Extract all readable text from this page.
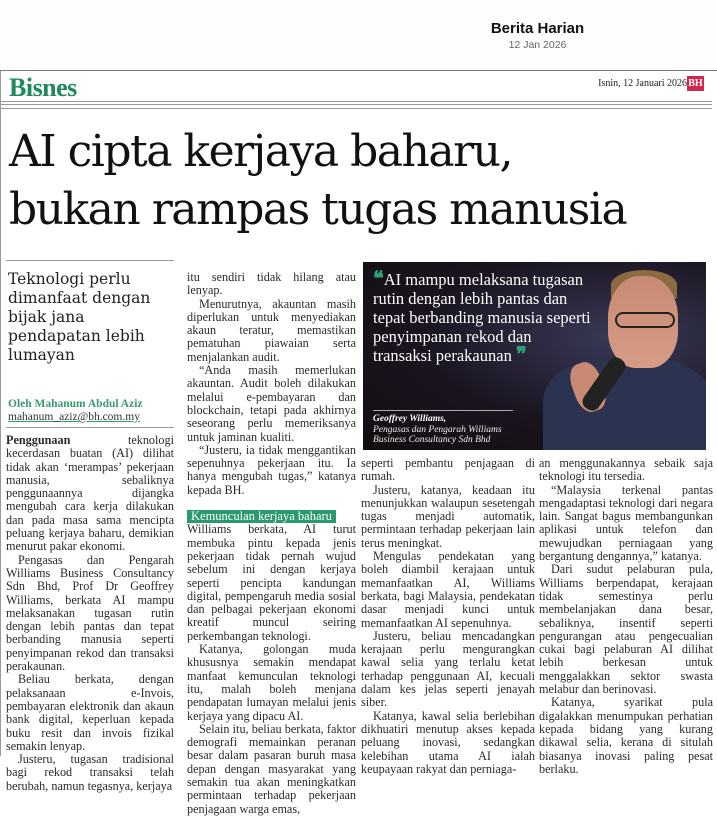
Berita Harian
12 Jan 2026
Bisnes	Isnin, 12 Januari 2026 BH
AI cipta kerjaya baharu,
bukan rampas tugas manusia
Teknologi perlu dimanfaat dengan bijak jana pendapatan lebih lumayan
Oleh Mahanum Abdul Aziz
mahanum_aziz@bh.com.my

Penggunaan teknologi kecerdasan buatan (AI) dilihat tidak akan ‘merampas’ pekerjaan manusia, sebaliknya penggunaannya dijangka mengubah cara kerja dilakukan dan pada masa sama mencipta peluang kerjaya baharu, demikian menurut pakar ekonomi.

Pengasas dan Pengarah Williams Business Consultancy Sdn Bhd, Prof Dr Geoffrey Williams, berkata AI mampu melaksanakan tugasan rutin dengan lebih pantas dan tepat berbanding manusia seperti penyimpanan rekod dan transaksi perakaunan.

Beliau berkata, dengan pelaksanaan e-Invois, pembayaran elektronik dan akaun bank digital, keperluan kepada buku resit dan invois fizikal semakin lenyap.

Justeru, tugasan tradisional bagi rekod transaksi telah berubah, namun tegasnya, kerjaya

itu sendiri tidak hilang atau lenyap.

Menurutnya, akauntan masih diperlukan untuk menyediakan akaun teratur, memastikan pematuhan piawaian serta menjalankan audit.

“Anda masih memerlukan akauntan. Audit boleh dilakukan melalui e-pembayaran dan blockchain, tetapi pada akhirnya seseorang perlu memeriksanya untuk jaminan kualiti.

“Justeru, ia tidak menggantikan sepenuhnya pekerjaan itu. Ia hanya mengubah tugas,” katanya kepada BH.

Kemunculan kerjaya baharu
Williams berkata, AI turut membuka pintu kepada jenis pekerjaan tidak pernah wujud sebelum ini dengan kerjaya seperti pencipta kandungan digital, pempengaruh media sosial dan pelbagai pekerjaan ekonomi kreatif muncul seiring perkembangan teknologi.

Katanya, golongan muda khususnya semakin mendapat manfaat kemunculan teknologi itu, malah boleh menjana pendapatan lumayan melalui jenis kerjaya yang dipacu AI.

Selain itu, beliau berkata, faktor demografi memainkan peranan besar dalam pasaran buruh masa depan dengan masyarakat yang semakin tua akan meningkatkan permintaan terhadap pekerjaan penjagaan warga emas,

❝AI mampu melaksana tugasan rutin dengan lebih pantas dan tepat berbanding manusia seperti penyimpanan rekod dan transaksi perakaunan ❞
Geoffrey Williams,
Pengasas dan Pengarah Williams Business Consultancy Sdn Bhd

seperti pembantu penjagaan di rumah.

Justeru, katanya, keadaan itu menunjukkan walaupun sesetengah tugas menjadi automatik, permintaan terhadap pekerjaan lain terus meningkat.

Mengulas pendekatan yang boleh diambil kerajaan untuk memanfaatkan AI, Williams berkata, bagi Malaysia, pendekatan dasar menjadi kunci untuk memanfaatkan AI sepenuhnya.

Justeru, beliau mencadangkan kerajaan perlu mengurangkan kawal selia yang terlalu ketat terhadap penggunaan AI, kecuali dalam kes jelas seperti jenayah siber.

Katanya, kawal selia berlebihan dikhuatiri menutup akses kepada peluang inovasi, sedangkan kelebihan utama AI ialah keupayaan rakyat dan perniaga-

an menggunakannya sebaik saja teknologi itu tersedia.

“Malaysia terkenal pantas mengadaptasi teknologi dari negara lain. Sangat bagus membangunkan aplikasi untuk telefon dan mewujudkan perniagaan yang bergantung dengannya,” katanya.

Dari sudut pelaburan pula, Williams berpendapat, kerajaan tidak semestinya perlu membelanjakan dana besar, sebaliknya, insentif seperti pengurangan atau pengecualian cukai bagi pelaburan AI dilihat lebih berkesan untuk menggalakkan sektor swasta melabur dan berinovasi.

Katanya, syarikat pula digalakkan menumpukan perhatian kepada bidang yang kurang dikawal selia, kerana di situlah biasanya inovasi paling pesat berlaku.
